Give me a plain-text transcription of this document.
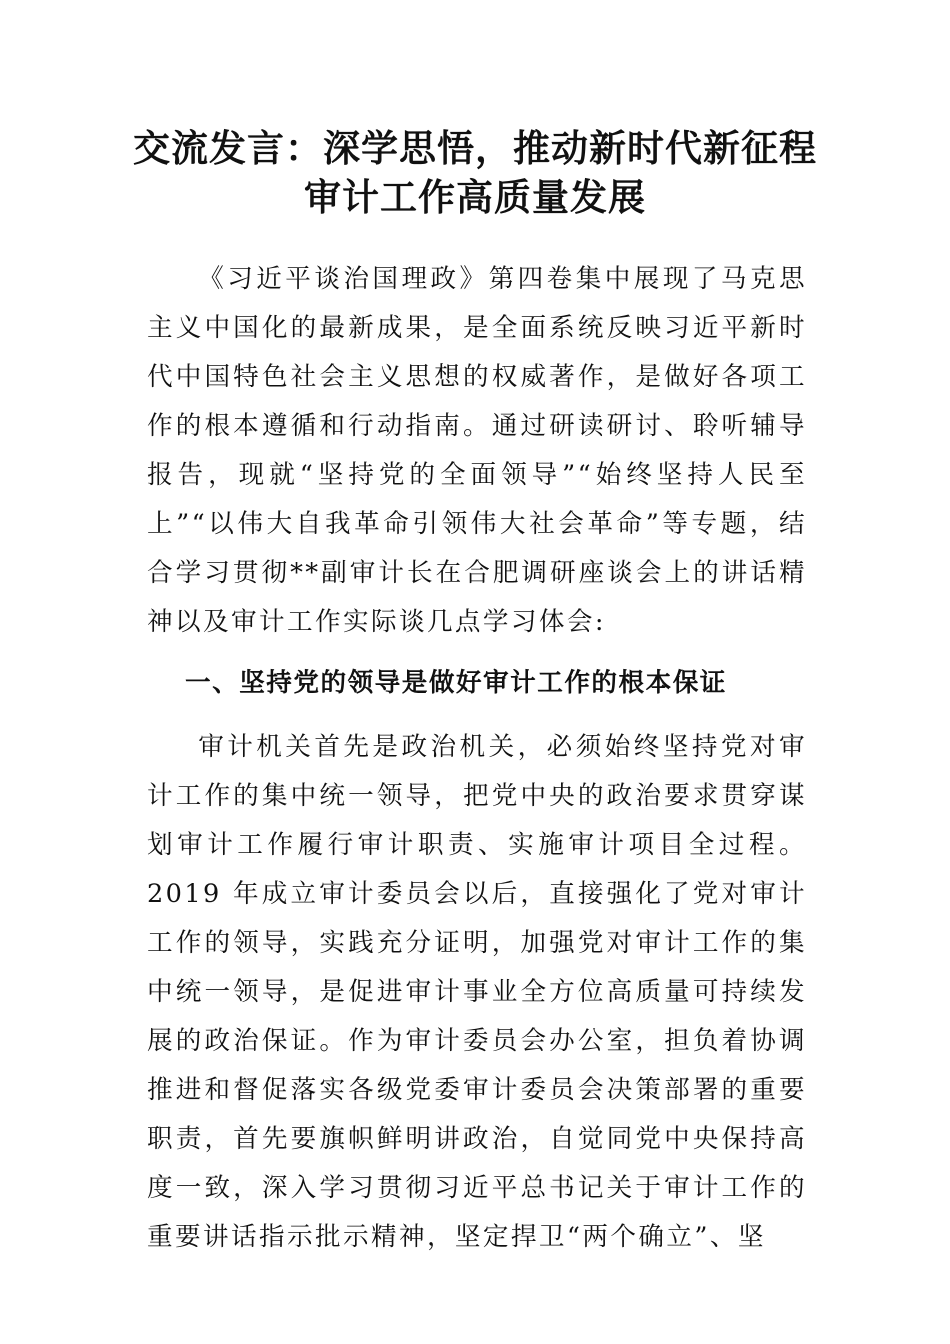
交流发言：深学思悟，推动新时代新征程
审计工作高质量发展

《习近平谈治国理政》第四卷集中展现了马克思主义中国化的最新成果，是全面系统反映习近平新时代中国特色社会主义思想的权威著作，是做好各项工作的根本遵循和行动指南。通过研读研讨、聆听辅导报告，现就“坚持党的全面领导”“始终坚持人民至上”“以伟大自我革命引领伟大社会革命”等专题，结合学习贯彻**副审计长在合肥调研座谈会上的讲话精神以及审计工作实际谈几点学习体会:

一、坚持党的领导是做好审计工作的根本保证

审计机关首先是政治机关，必须始终坚持党对审计工作的集中统一领导，把党中央的政治要求贯穿谋划审计工作履行审计职责、实施审计项目全过程。2019 年成立审计委员会以后，直接强化了党对审计工作的领导，实践充分证明，加强党对审计工作的集中统一领导，是促进审计事业全方位高质量可持续发展的政治保证。作为审计委员会办公室，担负着协调推进和督促落实各级党委审计委员会决策部署的重要职责，首先要旗帜鲜明讲政治，自觉同党中央保持高度一致，深入学习贯彻习近平总书记关于审计工作的重要讲话指示批示精神，坚定捍卫“两个确立”、坚
